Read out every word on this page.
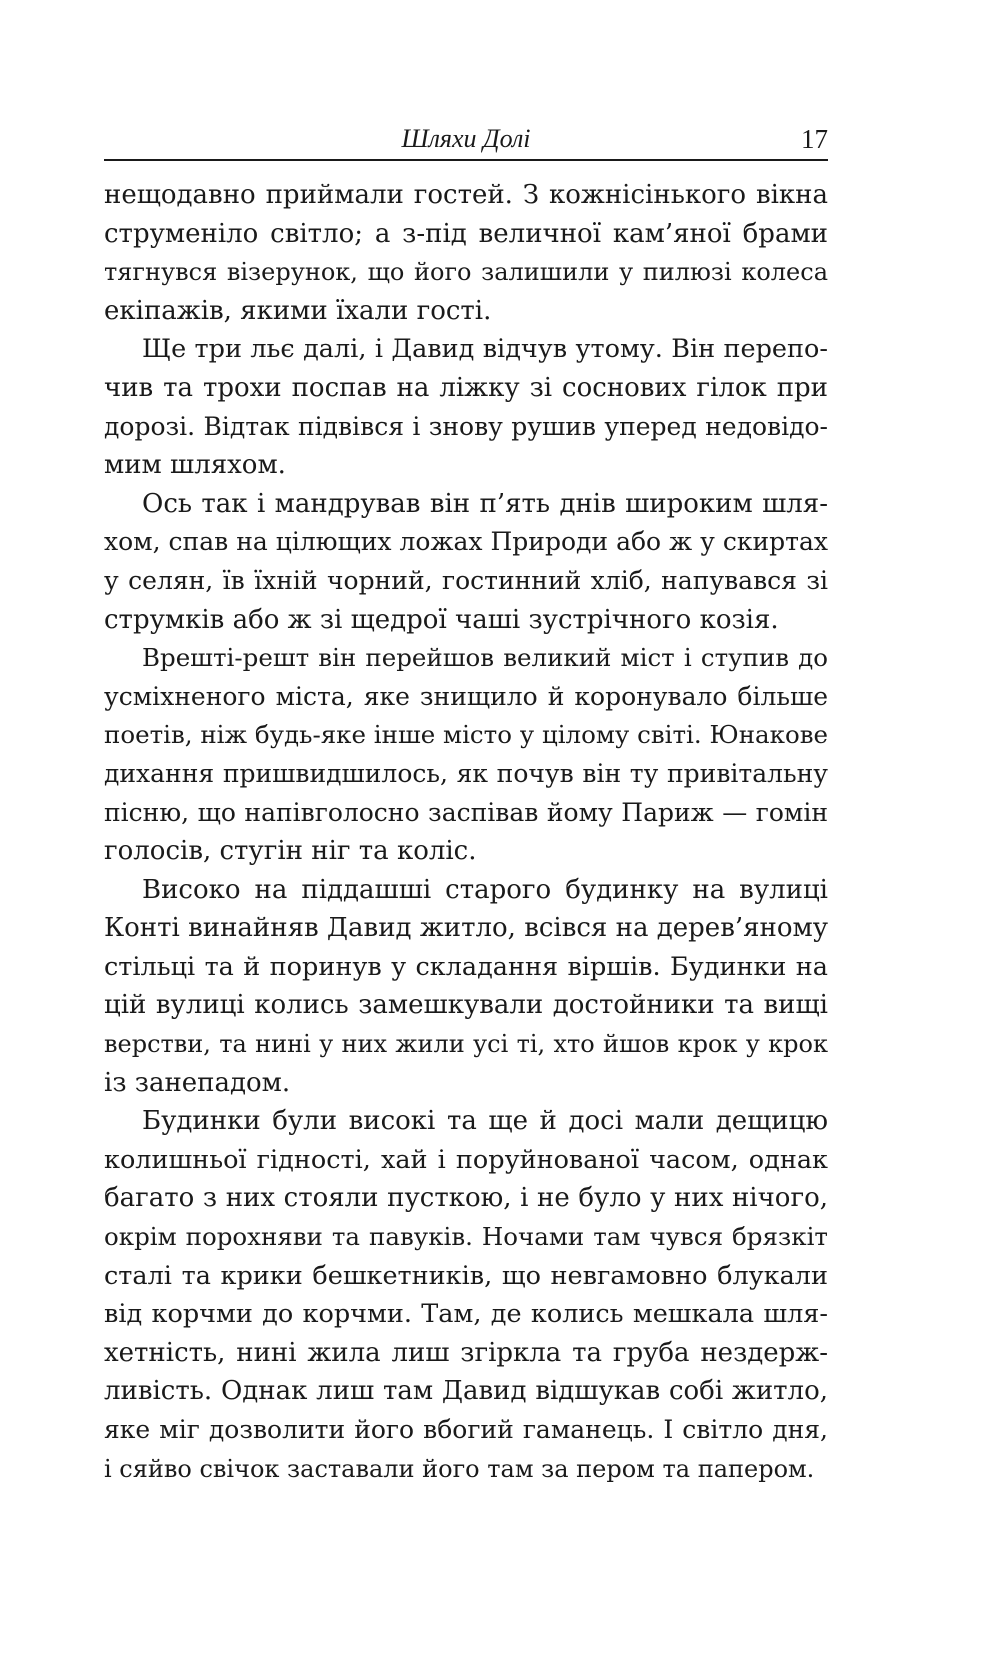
Шляхи Долі	17
нещодавно приймали гостей. З кожнісінького вікна
струменіло світло; а з-під величної кам’яної брами
тягнувся візерунок, що його залишили у пилюзі колеса
екіпажів, якими їхали гості.
Ще три льє далі, і Давид відчув утому. Він перепо-
чив та трохи поспав на ліжку зі соснових гілок при
дорозі. Відтак підвівся і знову рушив уперед недовідо-
мим шляхом.
Ось так і мандрував він п’ять днів широким шля-
хом, спав на цілющих ложах Природи або ж у скиртах
у селян, їв їхній чорний, гостинний хліб, напувався зі
струмків або ж зі щедрої чаші зустрічного козія.
Врешті-решт він перейшов великий міст і ступив до
усміхненого міста, яке знищило й коронувало більше
поетів, ніж будь-яке інше місто у цілому світі. Юнакове
дихання пришвидшилось, як почув він ту привітальну
пісню, що напівголосно заспівав йому Париж — гомін
голосів, стугін ніг та коліс.
Високо на піддашші старого будинку на вулиці
Конті винайняв Давид житло, всівся на дерев’яному
стільці та й поринув у складання віршів. Будинки на
цій вулиці колись замешкували достойники та вищі
верстви, та нині у них жили усі ті, хто йшов крок у крок
із занепадом.
Будинки були високі та ще й досі мали дещицю
колишньої гідності, хай і поруйнованої часом, однак
багато з них стояли пусткою, і не було у них нічого,
окрім порохняви та павуків. Ночами там чувся брязкіт
сталі та крики бешкетників, що невгамовно блукали
від корчми до корчми. Там, де колись мешкала шля-
хетність, нині жила лиш згіркла та груба нездерж-
ливість. Однак лиш там Давид відшукав собі житло,
яке міг дозволити його вбогий гаманець. І світло дня,
і сяйво свічок заставали його там за пером та папером.
